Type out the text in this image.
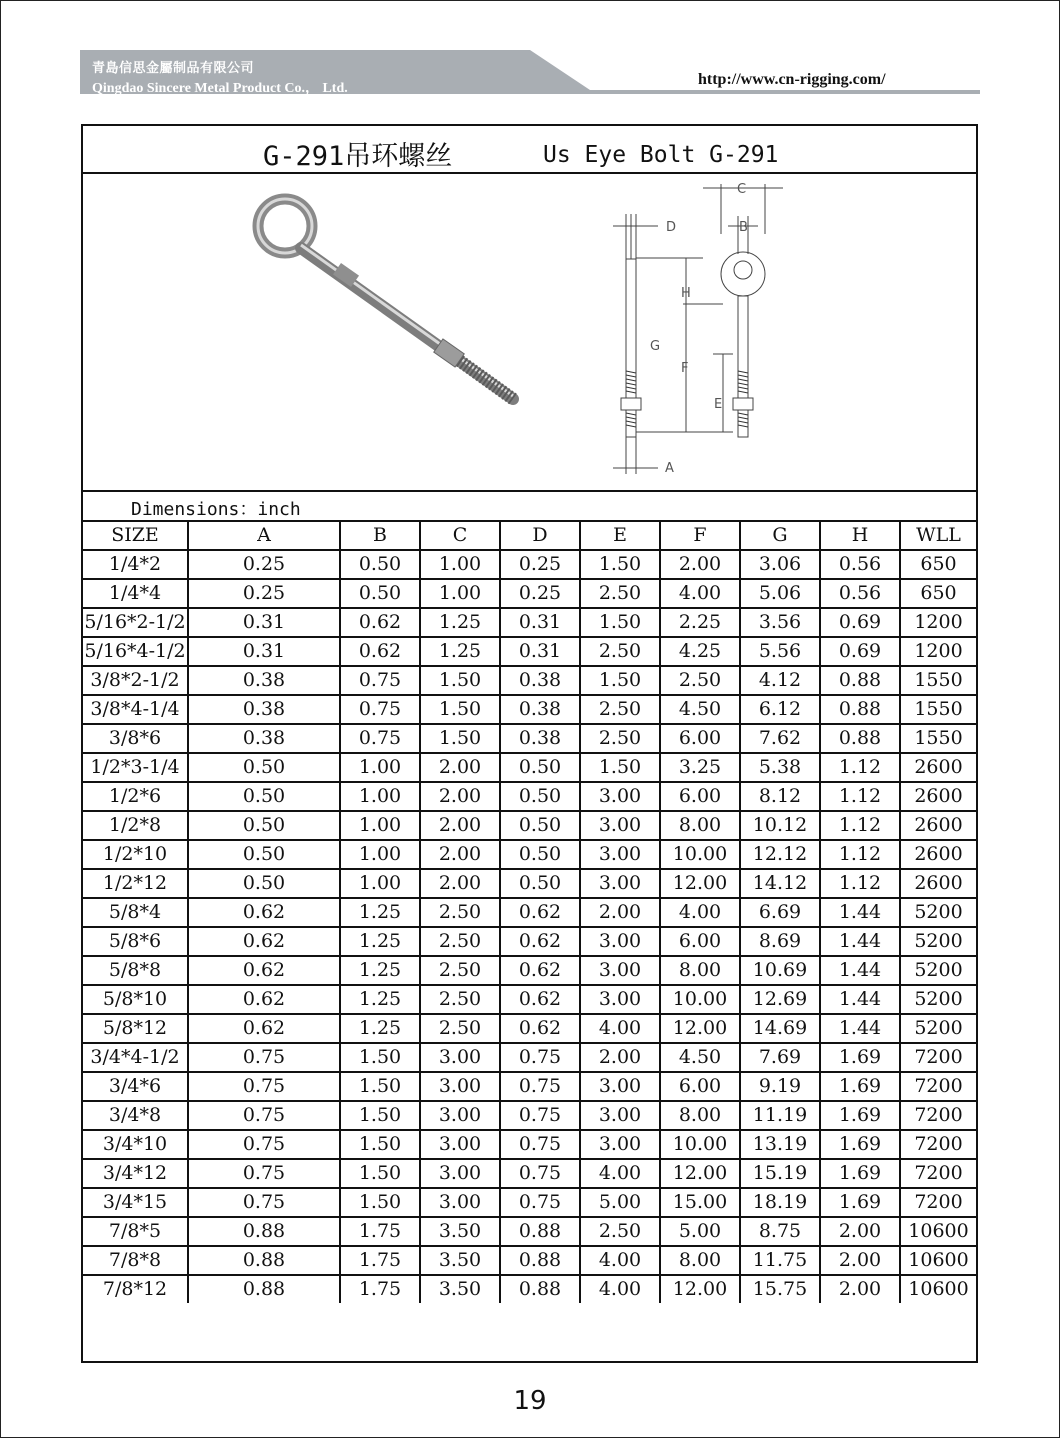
青島信思金屬制品有限公司
Qingdao Sincere Metal Product Co.， Ltd.
http://www.cn-rigging.com/
G-291吊环螺丝	Us Eye Bolt G-291
C
D	B
H
G
F
E
A
Dimensions：inch
SIZE	A	B	C	D	E	F	G	H	WLL
1/4*2	0.25	0.50	1.00	0.25	1.50	2.00	3.06	0.56	650
1/4*4	0.25	0.50	1.00	0.25	2.50	4.00	5.06	0.56	650
5/16*2-1/2	0.31	0.62	1.25	0.31	1.50	2.25	3.56	0.69	1200
5/16*4-1/2	0.31	0.62	1.25	0.31	2.50	4.25	5.56	0.69	1200
3/8*2-1/2	0.38	0.75	1.50	0.38	1.50	2.50	4.12	0.88	1550
3/8*4-1/4	0.38	0.75	1.50	0.38	2.50	4.50	6.12	0.88	1550
3/8*6	0.38	0.75	1.50	0.38	2.50	6.00	7.62	0.88	1550
1/2*3-1/4	0.50	1.00	2.00	0.50	1.50	3.25	5.38	1.12	2600
1/2*6	0.50	1.00	2.00	0.50	3.00	6.00	8.12	1.12	2600
1/2*8	0.50	1.00	2.00	0.50	3.00	8.00	10.12	1.12	2600
1/2*10	0.50	1.00	2.00	0.50	3.00	10.00	12.12	1.12	2600
1/2*12	0.50	1.00	2.00	0.50	3.00	12.00	14.12	1.12	2600
5/8*4	0.62	1.25	2.50	0.62	2.00	4.00	6.69	1.44	5200
5/8*6	0.62	1.25	2.50	0.62	3.00	6.00	8.69	1.44	5200
5/8*8	0.62	1.25	2.50	0.62	3.00	8.00	10.69	1.44	5200
5/8*10	0.62	1.25	2.50	0.62	3.00	10.00	12.69	1.44	5200
5/8*12	0.62	1.25	2.50	0.62	4.00	12.00	14.69	1.44	5200
3/4*4-1/2	0.75	1.50	3.00	0.75	2.00	4.50	7.69	1.69	7200
3/4*6	0.75	1.50	3.00	0.75	3.00	6.00	9.19	1.69	7200
3/4*8	0.75	1.50	3.00	0.75	3.00	8.00	11.19	1.69	7200
3/4*10	0.75	1.50	3.00	0.75	3.00	10.00	13.19	1.69	7200
3/4*12	0.75	1.50	3.00	0.75	4.00	12.00	15.19	1.69	7200
3/4*15	0.75	1.50	3.00	0.75	5.00	15.00	18.19	1.69	7200
7/8*5	0.88	1.75	3.50	0.88	2.50	5.00	8.75	2.00	10600
7/8*8	0.88	1.75	3.50	0.88	4.00	8.00	11.75	2.00	10600
7/8*12	0.88	1.75	3.50	0.88	4.00	12.00	15.75	2.00	10600
19
